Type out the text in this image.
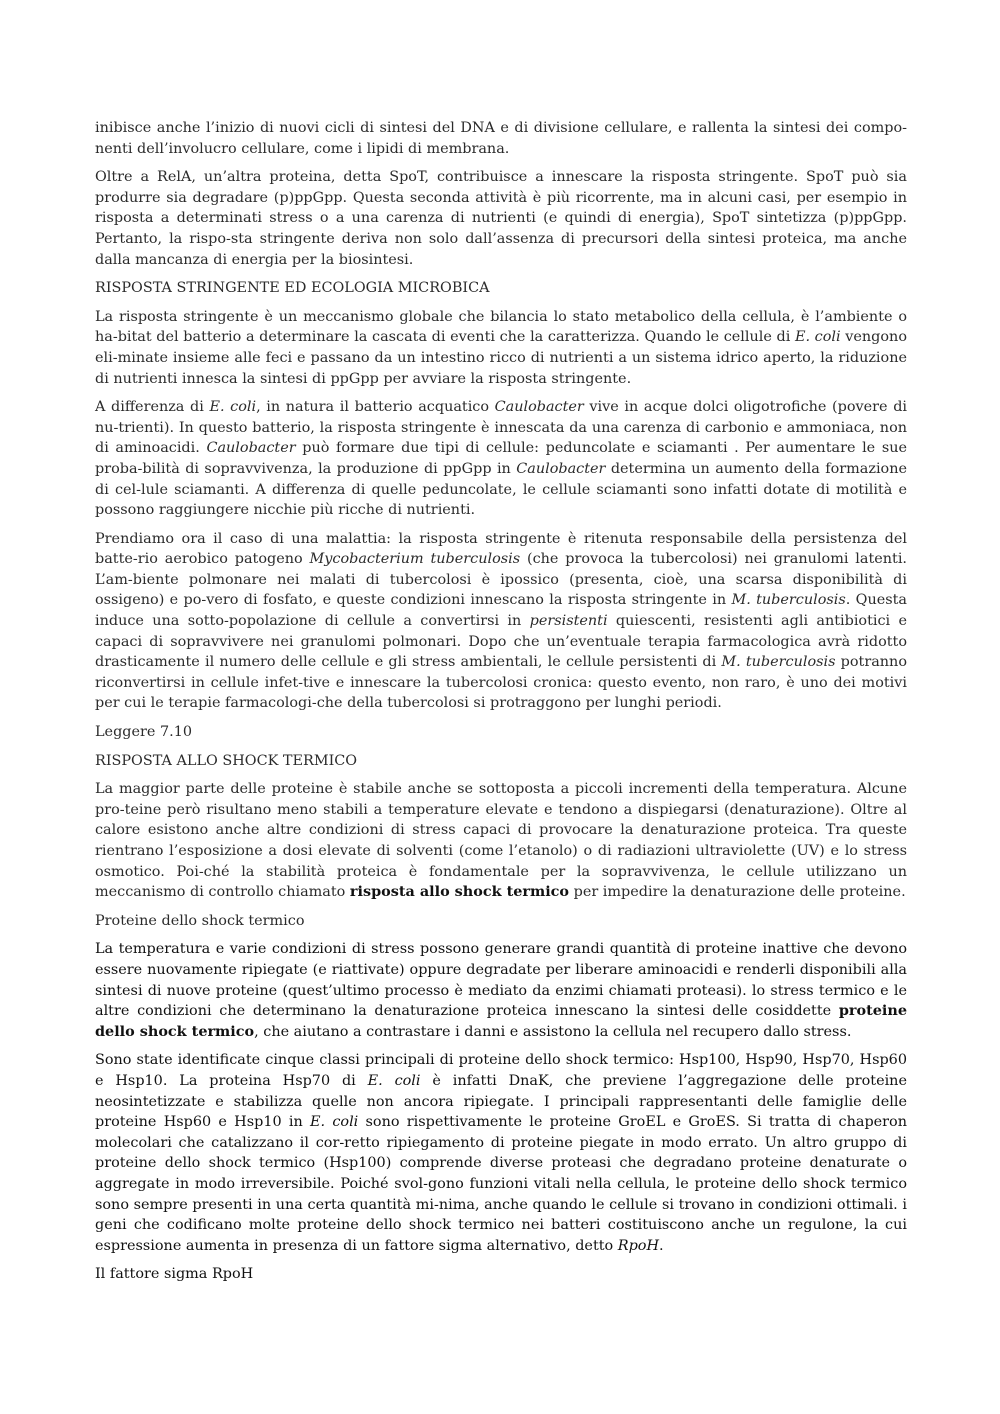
inibisce anche l’inizio di nuovi cicli di sintesi del DNA e di divisione cellulare, e rallenta la sintesi dei compo-nenti dell’involucro cellulare, come i lipidi di membrana.

Oltre a RelA, un’altra proteina, detta SpoT, contribuisce a innescare la risposta stringente. SpoT può sia produrre sia degradare (p)ppGpp. Questa seconda attività è più ricorrente, ma in alcuni casi, per esempio in risposta a determinati stress o a una carenza di nutrienti (e quindi di energia), SpoT sintetizza (p)ppGpp. Pertanto, la rispo-sta stringente deriva non solo dall’assenza di precursori della sintesi proteica, ma anche dalla mancanza di energia per la biosintesi.

RISPOSTA STRINGENTE ED ECOLOGIA MICROBICA

La risposta stringente è un meccanismo globale che bilancia lo stato metabolico della cellula, è l’ambiente o ha-bitat del batterio a determinare la cascata di eventi che la caratterizza. Quando le cellule di E. coli vengono eli-minate insieme alle feci e passano da un intestino ricco di nutrienti a un sistema idrico aperto, la riduzione di nutrienti innesca la sintesi di ppGpp per avviare la risposta stringente.

A differenza di E. coli, in natura il batterio acquatico Caulobacter vive in acque dolci oligotrofiche (povere di nu-trienti). In questo batterio, la risposta stringente è innescata da una carenza di carbonio e ammoniaca, non di aminoacidi. Caulobacter può formare due tipi di cellule: peduncolate e sciamanti . Per aumentare le sue proba-bilità di sopravvivenza, la produzione di ppGpp in Caulobacter determina un aumento della formazione di cel-lule sciamanti. A differenza di quelle peduncolate, le cellule sciamanti sono infatti dotate di motilità e possono raggiungere nicchie più ricche di nutrienti.

Prendiamo ora il caso di una malattia: la risposta stringente è ritenuta responsabile della persistenza del batte-rio aerobico patogeno Mycobacterium tuberculosis (che provoca la tubercolosi) nei granulomi latenti. L’am-biente polmonare nei malati di tubercolosi è ipossico (presenta, cioè, una scarsa disponibilità di ossigeno) e po-vero di fosfato, e queste condizioni innescano la risposta stringente in M. tuberculosis. Questa induce una sotto-popolazione di cellule a convertirsi in persistenti quiescenti, resistenti agli antibiotici e capaci di sopravvivere nei granulomi polmonari. Dopo che un’eventuale terapia farmacologica avrà ridotto drasticamente il numero delle cellule e gli stress ambientali, le cellule persistenti di M. tuberculosis potranno riconvertirsi in cellule infet-tive e innescare la tubercolosi cronica: questo evento, non raro, è uno dei motivi per cui le terapie farmacologi-che della tubercolosi si protraggono per lunghi periodi.

Leggere 7.10

RISPOSTA ALLO SHOCK TERMICO

La maggior parte delle proteine è stabile anche se sottoposta a piccoli incrementi della temperatura. Alcune pro-teine però risultano meno stabili a temperature elevate e tendono a dispiegarsi (denaturazione). Oltre al calore esistono anche altre condizioni di stress capaci di provocare la denaturazione proteica. Tra queste rientrano l’esposizione a dosi elevate di solventi (come l’etanolo) o di radiazioni ultraviolette (UV) e lo stress osmotico. Poi-ché la stabilità proteica è fondamentale per la sopravvivenza, le cellule utilizzano un meccanismo di controllo chiamato risposta allo shock termico per impedire la denaturazione delle proteine.

Proteine dello shock termico

La temperatura e varie condizioni di stress possono generare grandi quantità di proteine inattive che devono essere nuovamente ripiegate (e riattivate) oppure degradate per liberare aminoacidi e renderli disponibili alla sintesi di nuove proteine (quest’ultimo processo è mediato da enzimi chiamati proteasi). lo stress termico e le altre condizioni che determinano la denaturazione proteica innescano la sintesi delle cosiddette proteine dello shock termico, che aiutano a contrastare i danni e assistono la cellula nel recupero dallo stress.

Sono state identificate cinque classi principali di proteine dello shock termico: Hsp100, Hsp90, Hsp70, Hsp60 e Hsp10. La proteina Hsp70 di E. coli è infatti DnaK, che previene l’aggregazione delle proteine neosintetizzate e stabilizza quelle non ancora ripiegate. I principali rappresentanti delle famiglie delle proteine Hsp60 e Hsp10 in E. coli sono rispettivamente le proteine GroEL e GroES. Si tratta di chaperon molecolari che catalizzano il cor-retto ripiegamento di proteine piegate in modo errato. Un altro gruppo di proteine dello shock termico (Hsp100) comprende diverse proteasi che degradano proteine denaturate o aggregate in modo irreversibile. Poiché svol-gono funzioni vitali nella cellula, le proteine dello shock termico sono sempre presenti in una certa quantità mi-nima, anche quando le cellule si trovano in condizioni ottimali. i geni che codificano molte proteine dello shock termico nei batteri costituiscono anche un regulone, la cui espressione aumenta in presenza di un fattore sigma alternativo, detto RpoH.

Il fattore sigma RpoH
